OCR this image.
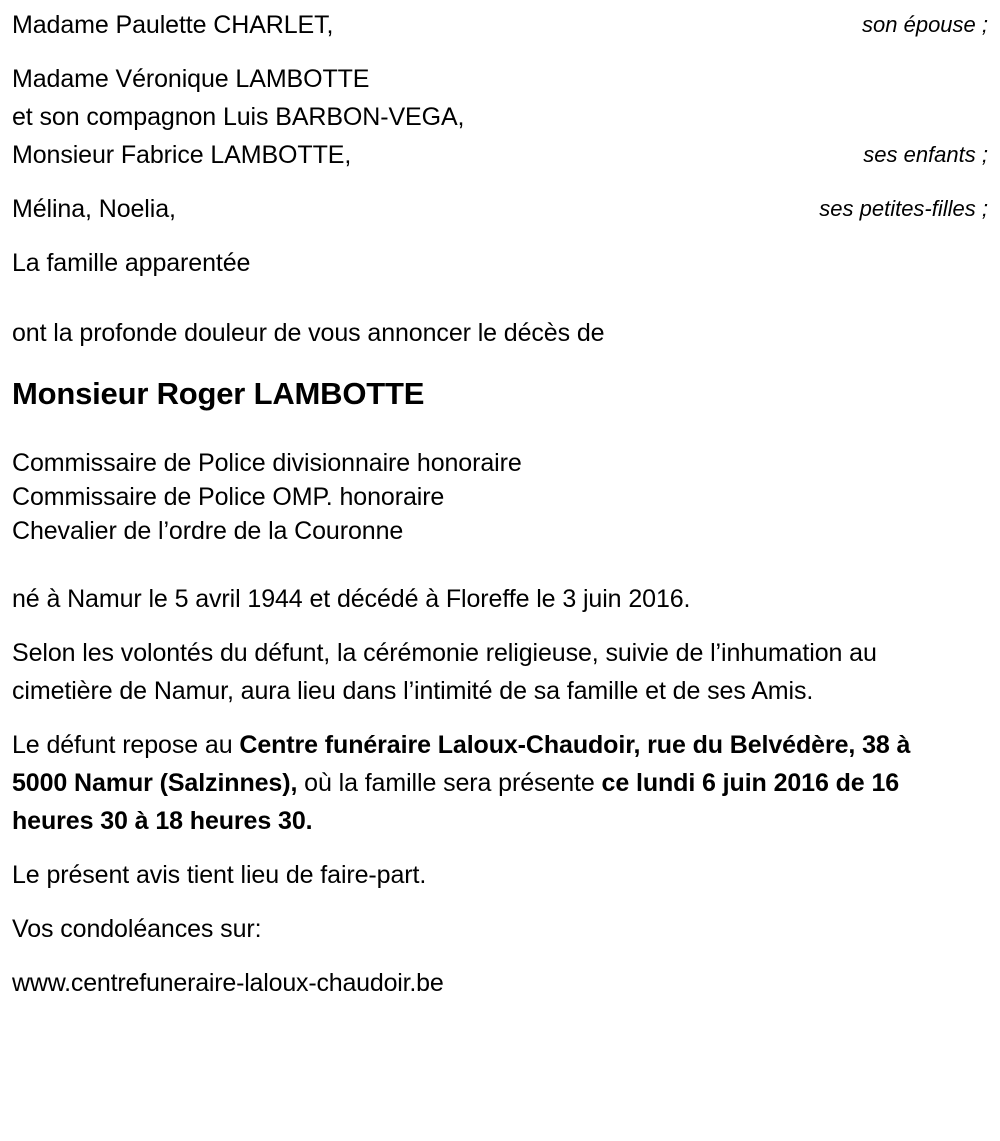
Madame Paulette CHARLET,	son épouse ;
Madame Véronique LAMBOTTE
et son compagnon Luis BARBON-VEGA,
Monsieur Fabrice LAMBOTTE,	ses enfants ;
Mélina, Noelia,	ses petites-filles ;
La famille apparentée
ont la profonde douleur de vous annoncer le décès de
Monsieur Roger LAMBOTTE
Commissaire de Police divisionnaire honoraire
Commissaire de Police OMP. honoraire
Chevalier de l’ordre de la Couronne
né à Namur le 5 avril 1944 et décédé à Floreffe le 3 juin 2016.
Selon les volontés du défunt, la cérémonie religieuse, suivie de l’inhumation au cimetière de Namur, aura lieu dans l’intimité de sa famille et de ses Amis.
Le défunt repose au Centre funéraire Laloux-Chaudoir, rue du Belvédère, 38 à 5000 Namur (Salzinnes), où la famille sera présente ce lundi 6 juin 2016 de 16 heures 30 à 18 heures 30.
Le présent avis tient lieu de faire-part.
Vos condoléances sur:
www.centrefuneraire-laloux-chaudoir.be
